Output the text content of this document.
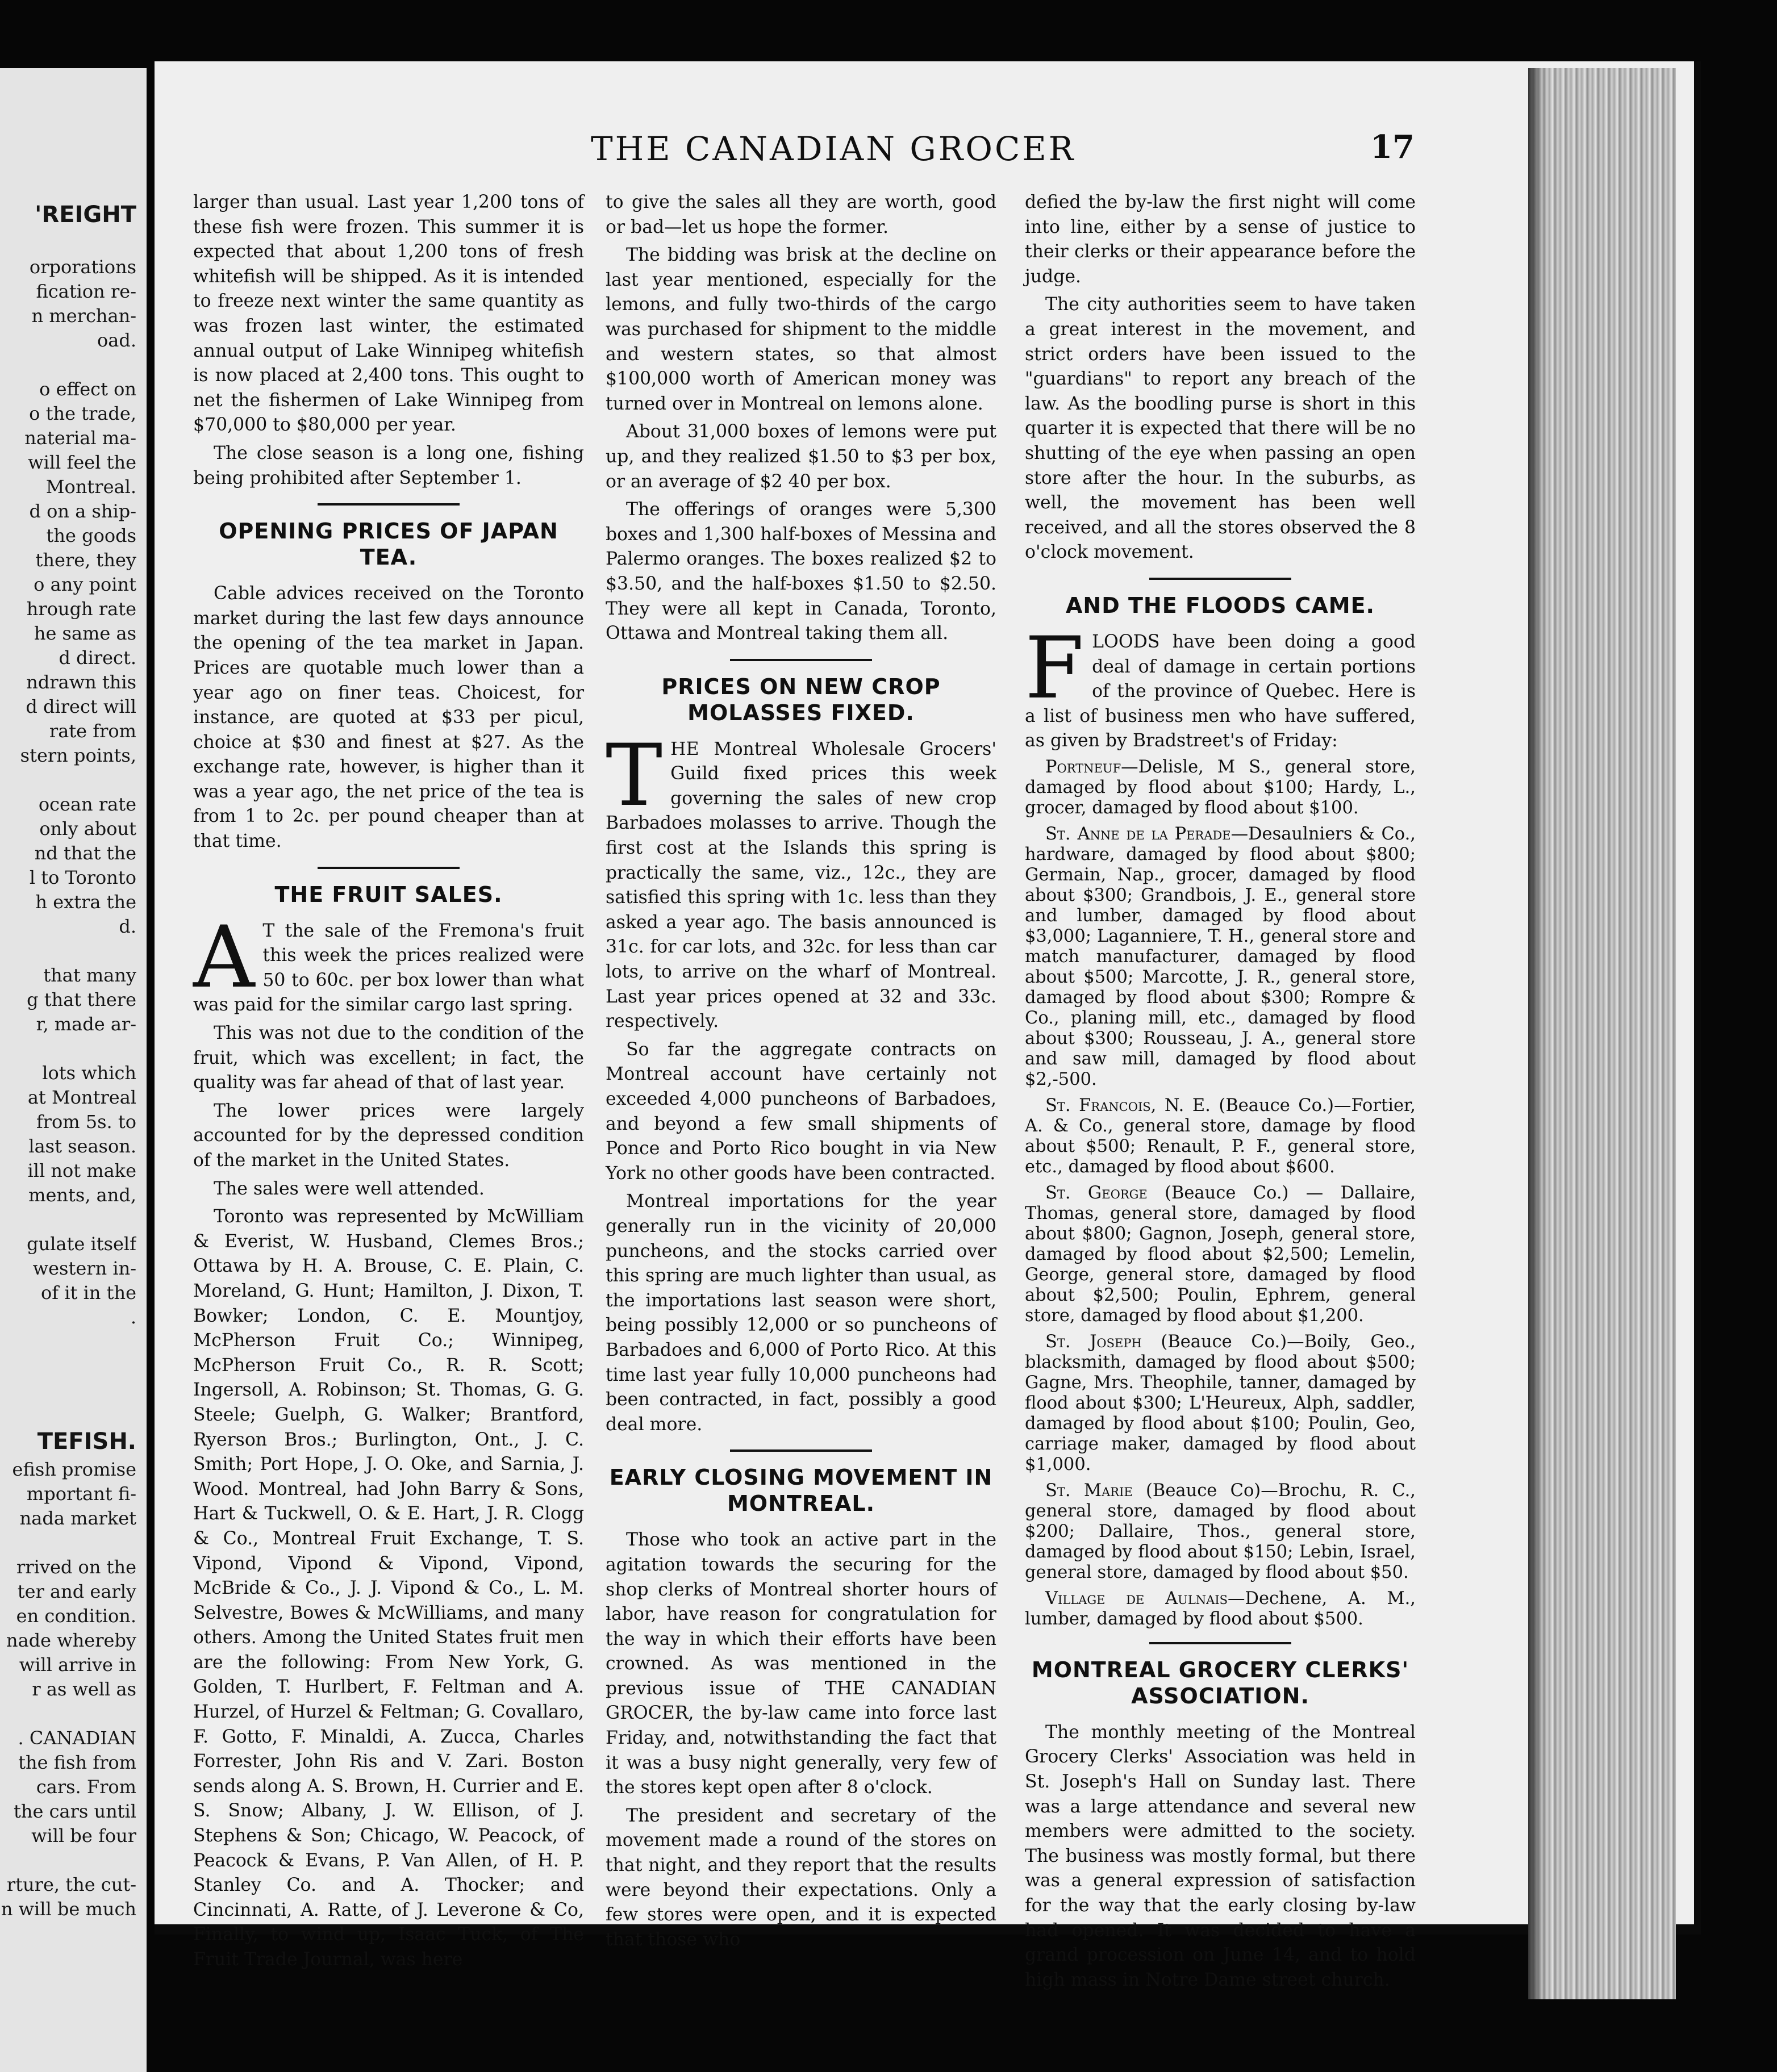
'REIGHT

orporations

fication re-

n merchan-

oad.

o effect on

o the trade,

naterial ma-

will feel the

Montreal.

d on a ship-

the goods

there, they

o any point

hrough rate

he same as

d direct.

ndrawn this

d direct will

rate from

stern points,

ocean rate

only about

nd that the

l to Toronto

h extra the

d.

that many

g that there

r, made ar-

lots which

at Montreal

from 5s. to

last season.

ill not make

ments, and,

gulate itself

western in-

of it in the

.

TEFISH.

efish promise

mportant fi-

nada market

rrived on the

ter and early

en condition.

nade whereby

will arrive in

r as well as

. CANADIAN

the fish from

cars. From

the cars until

will be four

rture, the cut-

n will be much

THE CANADIAN GROCER	17

larger than usual. Last year 1,200 tons of these fish were frozen. This summer it is expected that about 1,200 tons of fresh whitefish will be shipped. As it is intended to freeze next winter the same quantity as was frozen last winter, the estimated annual output of Lake Winnipeg whitefish is now placed at 2,400 tons. This ought to net the fishermen of Lake Winnipeg from $70,000 to $80,000 per year.

The close season is a long one, fishing being prohibited after September 1.

OPENING PRICES OF JAPAN TEA.

Cable advices received on the Toronto market during the last few days announce the opening of the tea market in Japan. Prices are quotable much lower than a year ago on finer teas. Choicest, for instance, are quoted at $33 per picul, choice at $30 and finest at $27. As the exchange rate, however, is higher than it was a year ago, the net price of the tea is from 1 to 2c. per pound cheaper than at that time.

THE FRUIT SALES.

A T the sale of the Fremona's fruit this week the prices realized were 50 to 60c. per box lower than what was paid for the similar cargo last spring.

This was not due to the condition of the fruit, which was excellent; in fact, the quality was far ahead of that of last year.

The lower prices were largely accounted for by the depressed condition of the market in the United States.

The sales were well attended.

Toronto was represented by McWilliam & Everist, W. Husband, Clemes Bros.; Ottawa by H. A. Brouse, C. E. Plain, C. Moreland, G. Hunt; Hamilton, J. Dixon, T. Bowker; London, C. E. Mountjoy, McPherson Fruit Co.; Winnipeg, McPherson Fruit Co., R. R. Scott; Ingersoll, A. Robinson; St. Thomas, G. G. Steele; Guelph, G. Walker; Brantford, Ryerson Bros.; Burlington, Ont., J. C. Smith; Port Hope, J. O. Oke, and Sarnia, J. Wood. Montreal, had John Barry & Sons, Hart & Tuckwell, O. & E. Hart, J. R. Clogg & Co., Montreal Fruit Exchange, T. S. Vipond, Vipond & Vipond, Vipond, McBride & Co., J. J. Vipond & Co., L. M. Selvestre, Bowes & McWilliams, and many others. Among the United States fruit men are the following: From New York, G. Golden, T. Hurlbert, F. Feltman and A. Hurzel, of Hurzel & Feltman; G. Covallaro, F. Gotto, F. Minaldi, A. Zucca, Charles Forrester, John Ris and V. Zari. Boston sends along A. S. Brown, H. Currier and E. S. Snow; Albany, J. W. Ellison, of J. Stephens & Son; Chicago, W. Peacock, of Peacock & Evans, P. Van Allen, of H. P. Stanley Co. and A. Thocker; and Cincinnati, A. Ratte, of J. Leverone & Co, Finally, to wind up, Isaac Tuck, of The Fruit Trade Journal, was here

to give the sales all they are worth, good or bad—let us hope the former.

The bidding was brisk at the decline on last year mentioned, especially for the lemons, and fully two-thirds of the cargo was purchased for shipment to the middle and western states, so that almost $100,000 worth of American money was turned over in Montreal on lemons alone.

About 31,000 boxes of lemons were put up, and they realized $1.50 to $3 per box, or an average of $2 40 per box.

The offerings of oranges were 5,300 boxes and 1,300 half-boxes of Messina and Palermo oranges. The boxes realized $2 to $3.50, and the half-boxes $1.50 to $2.50. They were all kept in Canada, Toronto, Ottawa and Montreal taking them all.

PRICES ON NEW CROP MOLASSES FIXED.

THE Montreal Wholesale Grocers' Guild fixed prices this week governing the sales of new crop Barbadoes molasses to arrive. Though the first cost at the Islands this spring is practically the same, viz., 12c., they are satisfied this spring with 1c. less than they asked a year ago. The basis announced is 31c. for car lots, and 32c. for less than car lots, to arrive on the wharf of Montreal. Last year prices opened at 32 and 33c. respectively.

So far the aggregate contracts on Montreal account have certainly not exceeded 4,000 puncheons of Barbadoes, and beyond a few small shipments of Ponce and Porto Rico bought in via New York no other goods have been contracted.

Montreal importations for the year generally run in the vicinity of 20,000 puncheons, and the stocks carried over this spring are much lighter than usual, as the importations last season were short, being possibly 12,000 or so puncheons of Barbadoes and 6,000 of Porto Rico. At this time last year fully 10,000 puncheons had been contracted, in fact, possibly a good deal more.

EARLY CLOSING MOVEMENT IN MONTREAL.

Those who took an active part in the agitation towards the securing for the shop clerks of Montreal shorter hours of labor, have reason for congratulation for the way in which their efforts have been crowned. As was mentioned in the previous issue of THE CANADIAN GROCER, the by-law came into force last Friday, and, notwithstanding the fact that it was a busy night generally, very few of the stores kept open after 8 o'clock.

The president and secretary of the movement made a round of the stores on that night, and they report that the results were beyond their expectations. Only a few stores were open, and it is expected that those who

defied the by-law the first night will come into line, either by a sense of justice to their clerks or their appearance before the judge.

The city authorities seem to have taken a great interest in the movement, and strict orders have been issued to the "guardians" to report any breach of the law. As the boodling purse is short in this quarter it is expected that there will be no shutting of the eye when passing an open store after the hour. In the suburbs, as well, the movement has been well received, and all the stores observed the 8 o'clock movement.

AND THE FLOODS CAME.

FLOODS have been doing a good deal of damage in certain portions of the province of Quebec. Here is a list of business men who have suffered, as given by Bradstreet's of Friday:

Portneuf—Delisle, M S., general store, damaged by flood about $100; Hardy, L., grocer, damaged by flood about $100.

St. Anne de la Perade—Desaulniers & Co., hardware, damaged by flood about $800; Germain, Nap., grocer, damaged by flood about $300; Grandbois, J. E., general store and lumber, damaged by flood about $3,000; Laganniere, T. H., general store and match manufacturer, damaged by flood about $500; Marcotte, J. R., general store, damaged by flood about $300; Rompre & Co., planing mill, etc., damaged by flood about $300; Rousseau, J. A., general store and saw mill, damaged by flood about $2,-500.

St. Francois, N. E. (Beauce Co.)—Fortier, A. & Co., general store, damage by flood about $500; Renault, P. F., general store, etc., damaged by flood about $600.

St. George (Beauce Co.) — Dallaire, Thomas, general store, damaged by flood about $800; Gagnon, Joseph, general store, damaged by flood about $2,500; Lemelin, George, general store, damaged by flood about $2,500; Poulin, Ephrem, general store, damaged by flood about $1,200.

St. Joseph (Beauce Co.)—Boily, Geo., blacksmith, damaged by flood about $500; Gagne, Mrs. Theophile, tanner, damaged by flood about $300; L'Heureux, Alph, saddler, damaged by flood about $100; Poulin, Geo, carriage maker, damaged by flood about $1,000.

St. Marie (Beauce Co)—Brochu, R. C., general store, damaged by flood about $200; Dallaire, Thos., general store, damaged by flood about $150; Lebin, Israel, general store, damaged by flood about $50.

Village de Aulnais—Dechene, A. M., lumber, damaged by flood about $500.

MONTREAL GROCERY CLERKS' ASSOCIATION.

The monthly meeting of the Montreal Grocery Clerks' Association was held in St. Joseph's Hall on Sunday last. There was a large attendance and several new members were admitted to the society. The business was mostly formal, but there was a general expression of satisfaction for the way that the early closing by-law had opened. It was decided to have a grand procession on June 14, and to hold high mass in Notre Dame street church.
